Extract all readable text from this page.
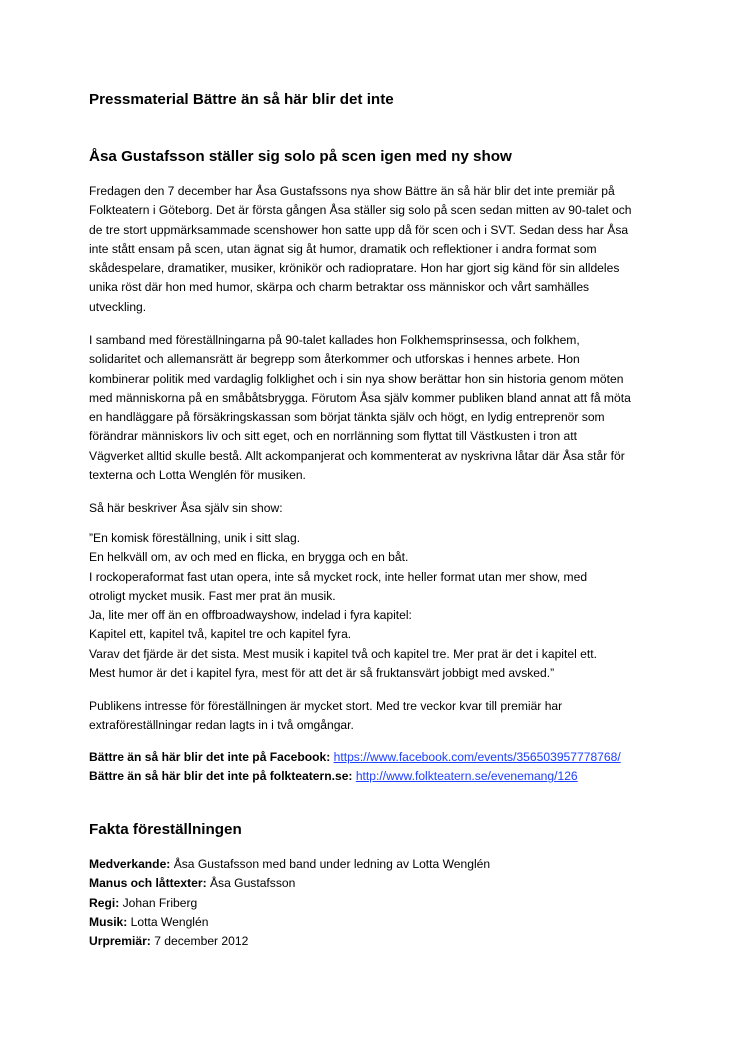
Pressmaterial Bättre än så här blir det inte
Åsa Gustafsson ställer sig solo på scen igen med ny show
Fredagen den 7 december har Åsa Gustafssons nya show Bättre än så här blir det inte premiär på
Folkteatern i Göteborg. Det är första gången Åsa ställer sig solo på scen sedan mitten av 90-talet och
de tre stort uppmärksammade scenshower hon satte upp då för scen och i SVT. Sedan dess har Åsa
inte stått ensam på scen, utan ägnat sig åt humor, dramatik och reflektioner i andra format som
skådespelare, dramatiker, musiker, krönikör och radiopratare. Hon har gjort sig känd för sin alldeles
unika röst där hon med humor, skärpa och charm betraktar oss människor och vårt samhälles
utveckling.
I samband med föreställningarna på 90-talet kallades hon Folkhemsprinsessa, och folkhem,
solidaritet och allemansrätt är begrepp som återkommer och utforskas i hennes arbete. Hon
kombinerar politik med vardaglig folklighet och i sin nya show berättar hon sin historia genom möten
med människorna på en småbåtsbrygga. Förutom Åsa själv kommer publiken bland annat att få möta
en handläggare på försäkringskassan som börjat tänkta själv och högt, en lydig entreprenör som
förändrar människors liv och sitt eget, och en norrlänning som flyttat till Västkusten i tron att
Vägverket alltid skulle bestå. Allt ackompanjerat och kommenterat av nyskrivna låtar där Åsa står för
texterna och Lotta Wenglén för musiken.
Så här beskriver Åsa själv sin show:
”En komisk föreställning, unik i sitt slag.
En helkväll om, av och med en flicka, en brygga och en båt.
I rockoperaformat fast utan opera, inte så mycket rock, inte heller format utan mer show, med
otroligt mycket musik. Fast mer prat än musik.
Ja, lite mer off än en offbroadwayshow, indelad i fyra kapitel:
Kapitel ett, kapitel två, kapitel tre och kapitel fyra.
Varav det fjärde är det sista. Mest musik i kapitel två och kapitel tre. Mer prat är det i kapitel ett.
Mest humor är det i kapitel fyra, mest för att det är så fruktansvärt jobbigt med avsked.”
Publikens intresse för föreställningen är mycket stort. Med tre veckor kvar till premiär har
extraföreställningar redan lagts in i två omgångar.
Bättre än så här blir det inte på Facebook: https://www.facebook.com/events/356503957778768/
Bättre än så här blir det inte på folkteatern.se: http://www.folkteatern.se/evenemang/126
Fakta föreställningen
Medverkande: Åsa Gustafsson med band under ledning av Lotta Wenglén
Manus och låttexter: Åsa Gustafsson
Regi: Johan Friberg
Musik: Lotta Wenglén
Urpremiär: 7 december 2012
